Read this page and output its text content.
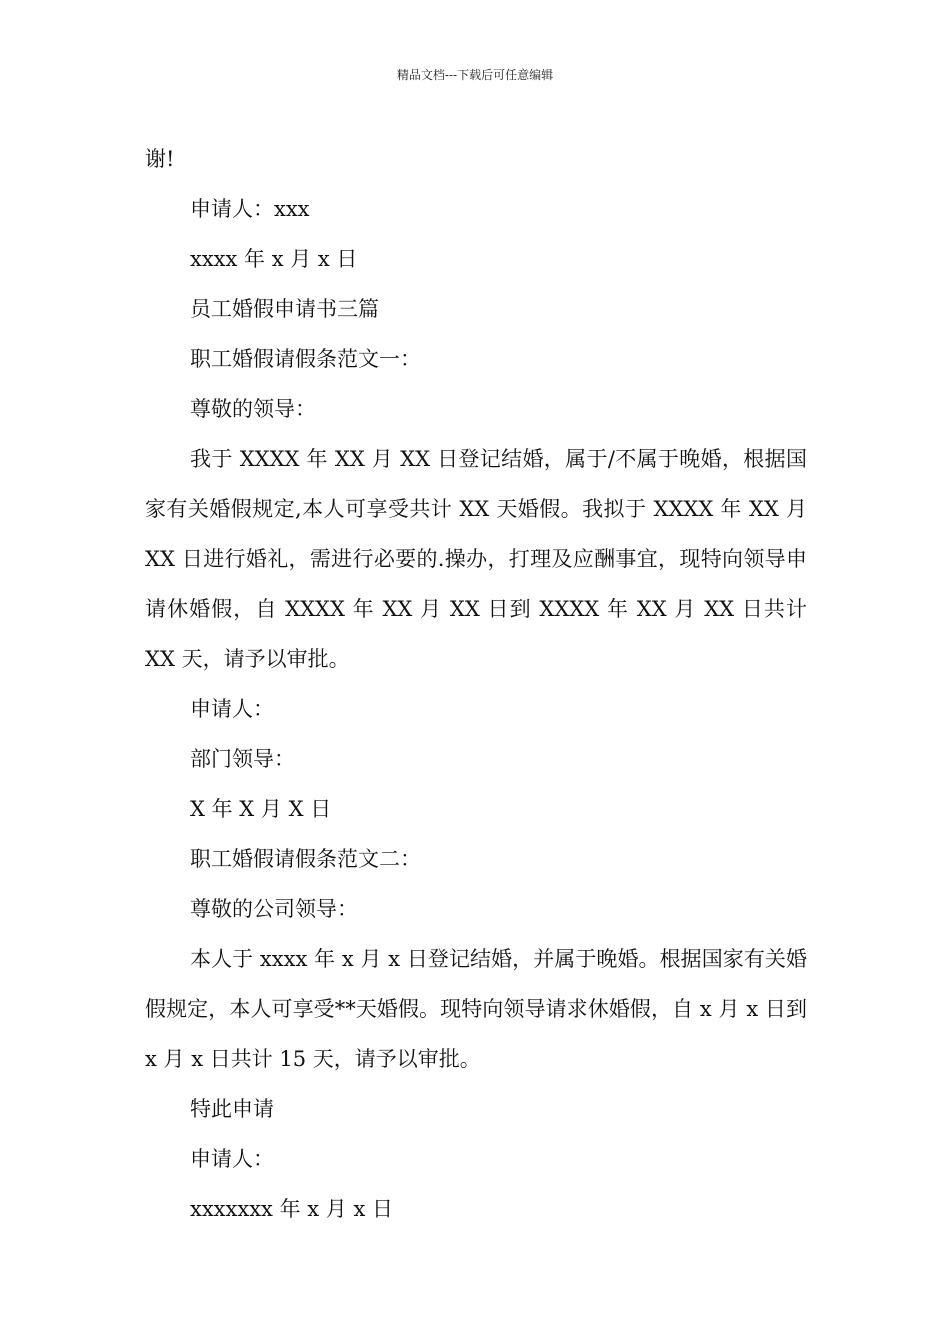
精品文档---下载后可任意编辑
谢!
申请人：xxx
xxxx 年 x 月 x 日
员工婚假申请书三篇
职工婚假请假条范文一：
尊敬的领导：
我于 XXXX 年 XX 月 XX 日登记结婚，属于/不属于晚婚，根据国家有关婚假规定,本人可享受共计 XX 天婚假。我拟于 XXXX 年 XX 月 XX 日进行婚礼，需进行必要的.操办，打理及应酬事宜，现特向领导申请休婚假，自 XXXX 年 XX 月 XX 日到 XXXX 年 XX 月 XX 日共计 XX 天，请予以审批。
申请人：
部门领导：
X 年 X 月 X 日
职工婚假请假条范文二：
尊敬的公司领导：
本人于 xxxx 年 x 月 x 日登记结婚，并属于晚婚。根据国家有关婚假规定，本人可享受**天婚假。现特向领导请求休婚假，自 x 月 x 日到 x 月 x 日共计 15 天，请予以审批。
特此申请
申请人：
xxxxxxx 年 x 月 x 日
